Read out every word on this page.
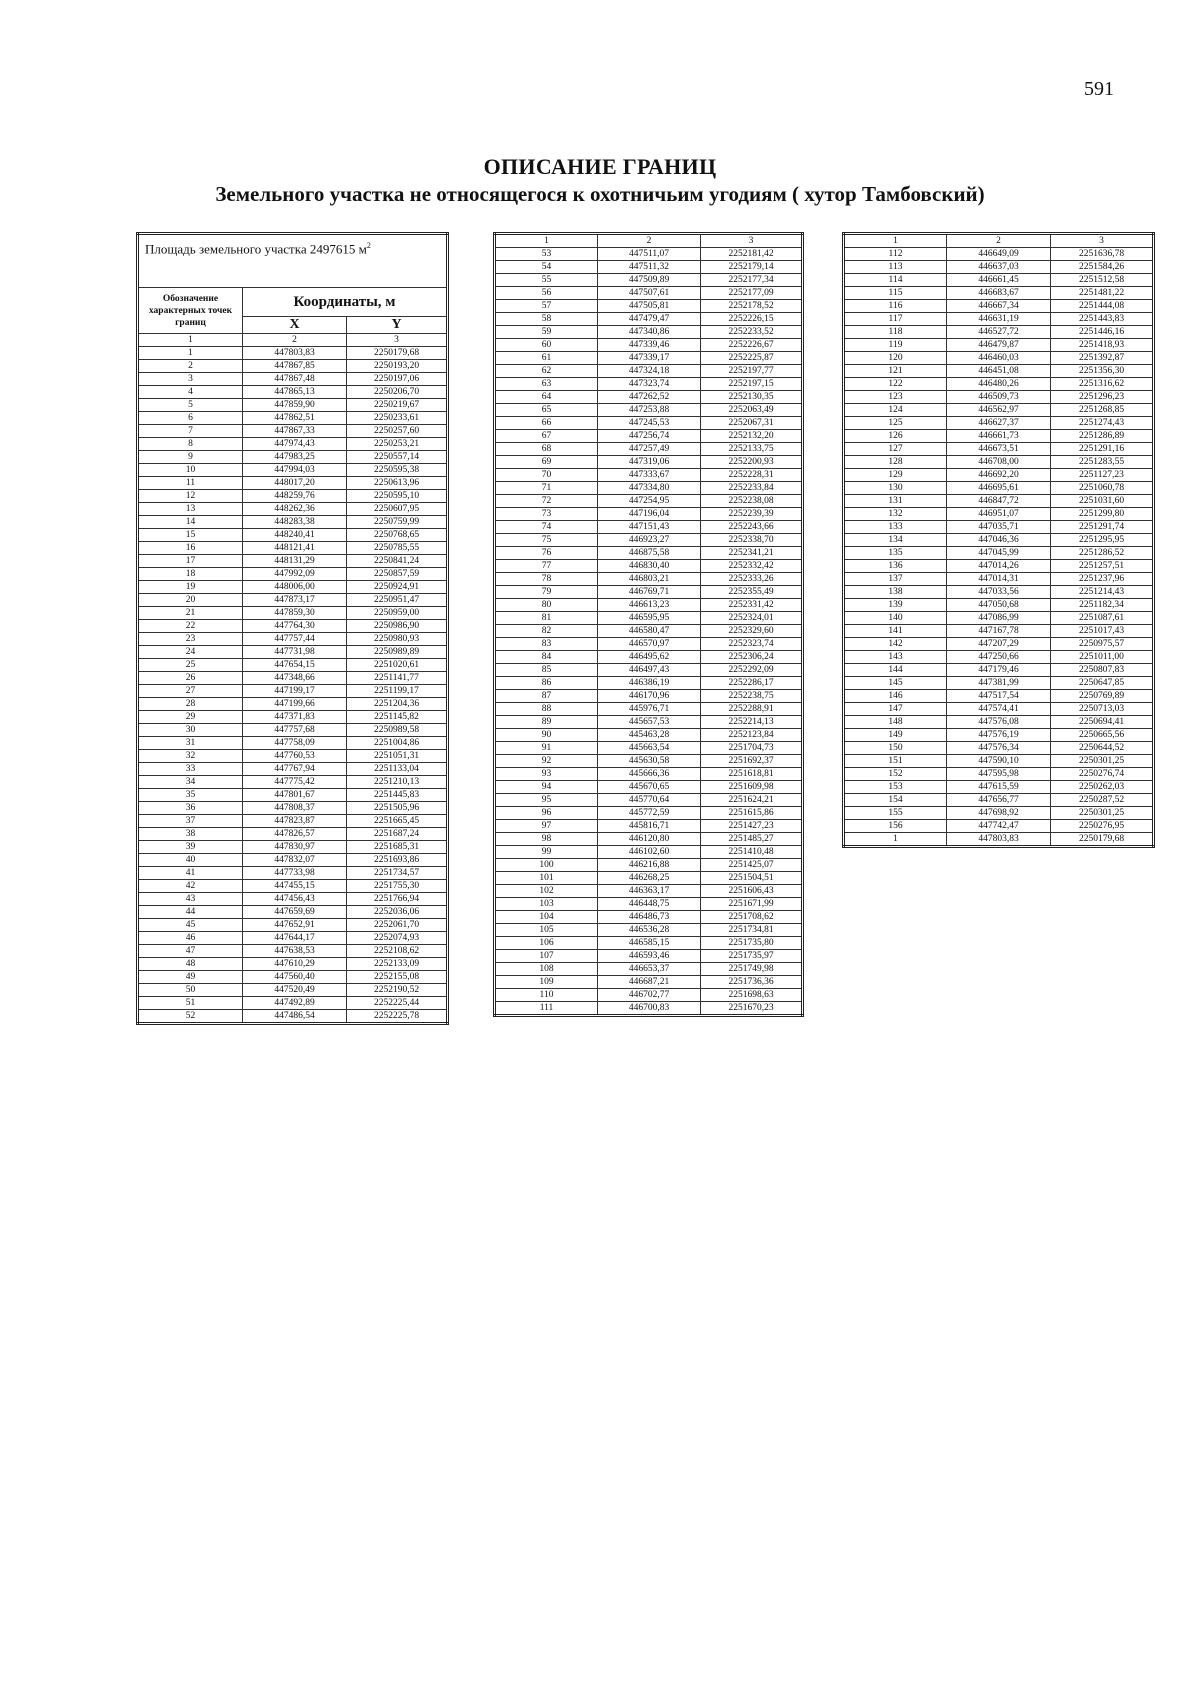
591
ОПИСАНИЕ ГРАНИЦ
Земельного участка не относящегося к охотничьим угодиям ( хутор Тамбовский)
Площадь земельного участка 2497615 $м^2$
Обозначение характерных точек границ	Координаты, м	
	X	Y
1	2	3
1	447803,83	2250179,68
2	447867,85	2250193,20
3	447867,48	2250197,06
4	447865,13	2250206,70
5	447859,90	2250219,67
6	447862,51	2250233,61
7	447867,33	2250257,60
8	447974,43	2250253,21
9	447983,25	2250557,14
10	447994,03	2250595,38
11	448017,20	2250613,96
12	448259,76	2250595,10
13	448262,36	2250607,95
14	448283,38	2250759,99
15	448240,41	2250768,65
16	448121,41	2250785,55
17	448131,29	2250841,24
18	447992,09	2250857,59
19	448006,00	2250924,91
20	447873,17	2250951,47
21	447859,30	2250959,00
22	447764,30	2250986,90
23	447757,44	2250980,93
24	447731,98	2250989,89
25	447654,15	2251020,61
26	447348,66	2251141,77
27	447199,17	2251199,17
28	447199,66	2251204,36
29	447371,83	2251145,82
30	447757,68	2250989,58
31	447758,09	2251004,86
32	447760,53	2251051,31
33	447767,94	2251133,04
34	447775,42	2251210,13
35	447801,67	2251445,83
36	447808,37	2251505,96
37	447823,87	2251665,45
38	447826,57	2251687,24
39	447830,97	2251685,31
40	447832,07	2251693,86
41	447733,98	2251734,57
42	447455,15	2251755,30
43	447456,43	2251766,94
44	447659,69	2252036,06
45	447652,91	2252061,70
46	447644,17	2252074,93
47	447638,53	2252108,62
48	447610,29	2252133,09
49	447560,40	2252155,08
50	447520,49	2252190,52
51	447492,89	2252225,44
52	447486,54	2252225,78
1	2	3
53	447511,07	2252181,42
54	447511,32	2252179,14
55	447509,89	2252177,34
56	447507,61	2252177,09
57	447505,81	2252178,52
58	447479,47	2252226,15
59	447340,86	2252233,52
60	447339,46	2252226,67
61	447339,17	2252225,87
62	447324,18	2252197,77
63	447323,74	2252197,15
64	447262,52	2252130,35
65	447253,88	2252063,49
66	447245,53	2252067,31
67	447256,74	2252132,20
68	447257,49	2252133,75
69	447319,06	2252200,93
70	447333,67	2252228,31
71	447334,80	2252233,84
72	447254,95	2252238,08
73	447196,04	2252239,39
74	447151,43	2252243,66
75	446923,27	2252338,70
76	446875,58	2252341,21
77	446830,40	2252332,42
78	446803,21	2252333,26
79	446769,71	2252355,49
80	446613,23	2252331,42
81	446595,95	2252324,01
82	446580,47	2252329,60
83	446570,97	2252323,74
84	446495,62	2252306,24
85	446497,43	2252292,09
86	446386,19	2252286,17
87	446170,96	2252238,75
88	445976,71	2252288,91
89	445657,53	2252214,13
90	445463,28	2252123,84
91	445663,54	2251704,73
92	445630,58	2251692,37
93	445666,36	2251618,81
94	445670,65	2251609,98
95	445770,64	2251624,21
96	445772,59	2251615,86
97	445816,71	2251427,23
98	446120,80	2251485,27
99	446102,60	2251410,48
100	446216,88	2251425,07
101	446268,25	2251504,51
102	446363,17	2251606,43
103	446448,75	2251671,99
104	446486,73	2251708,62
105	446536,28	2251734,81
106	446585,15	2251735,80
107	446593,46	2251735,97
108	446653,37	2251749,98
109	446687,21	2251736,36
110	446702,77	2251698,63
111	446700,83	2251670,23
1	2	3
112	446649,09	2251636,78
113	446637,03	2251584,26
114	446661,45	2251512,58
115	446683,67	2251481,22
116	446667,34	2251444,08
117	446631,19	2251443,83
118	446527,72	2251446,16
119	446479,87	2251418,93
120	446460,03	2251392,87
121	446451,08	2251356,30
122	446480,26	2251316,62
123	446509,73	2251296,23
124	446562,97	2251268,85
125	446627,37	2251274,43
126	446661,73	2251286,89
127	446673,51	2251291,16
128	446708,00	2251283,55
129	446692,20	2251127,23
130	446695,61	2251060,78
131	446847,72	2251031,60
132	446951,07	2251299,80
133	447035,71	2251291,74
134	447046,36	2251295,95
135	447045,99	2251286,52
136	447014,26	2251257,51
137	447014,31	2251237,96
138	447033,56	2251214,43
139	447050,68	2251182,34
140	447086,99	2251087,61
141	447167,78	2251017,43
142	447207,29	2250975,57
143	447250,66	2251011,00
144	447179,46	2250807,83
145	447381,99	2250647,85
146	447517,54	2250769,89
147	447574,41	2250713,03
148	447576,08	2250694,41
149	447576,19	2250665,56
150	447576,34	2250644,52
151	447590,10	2250301,25
152	447595,98	2250276,74
153	447615,59	2250262,03
154	447656,77	2250287,52
155	447698,92	2250301,25
156	447742,47	2250276,95
1	447803,83	2250179,68
